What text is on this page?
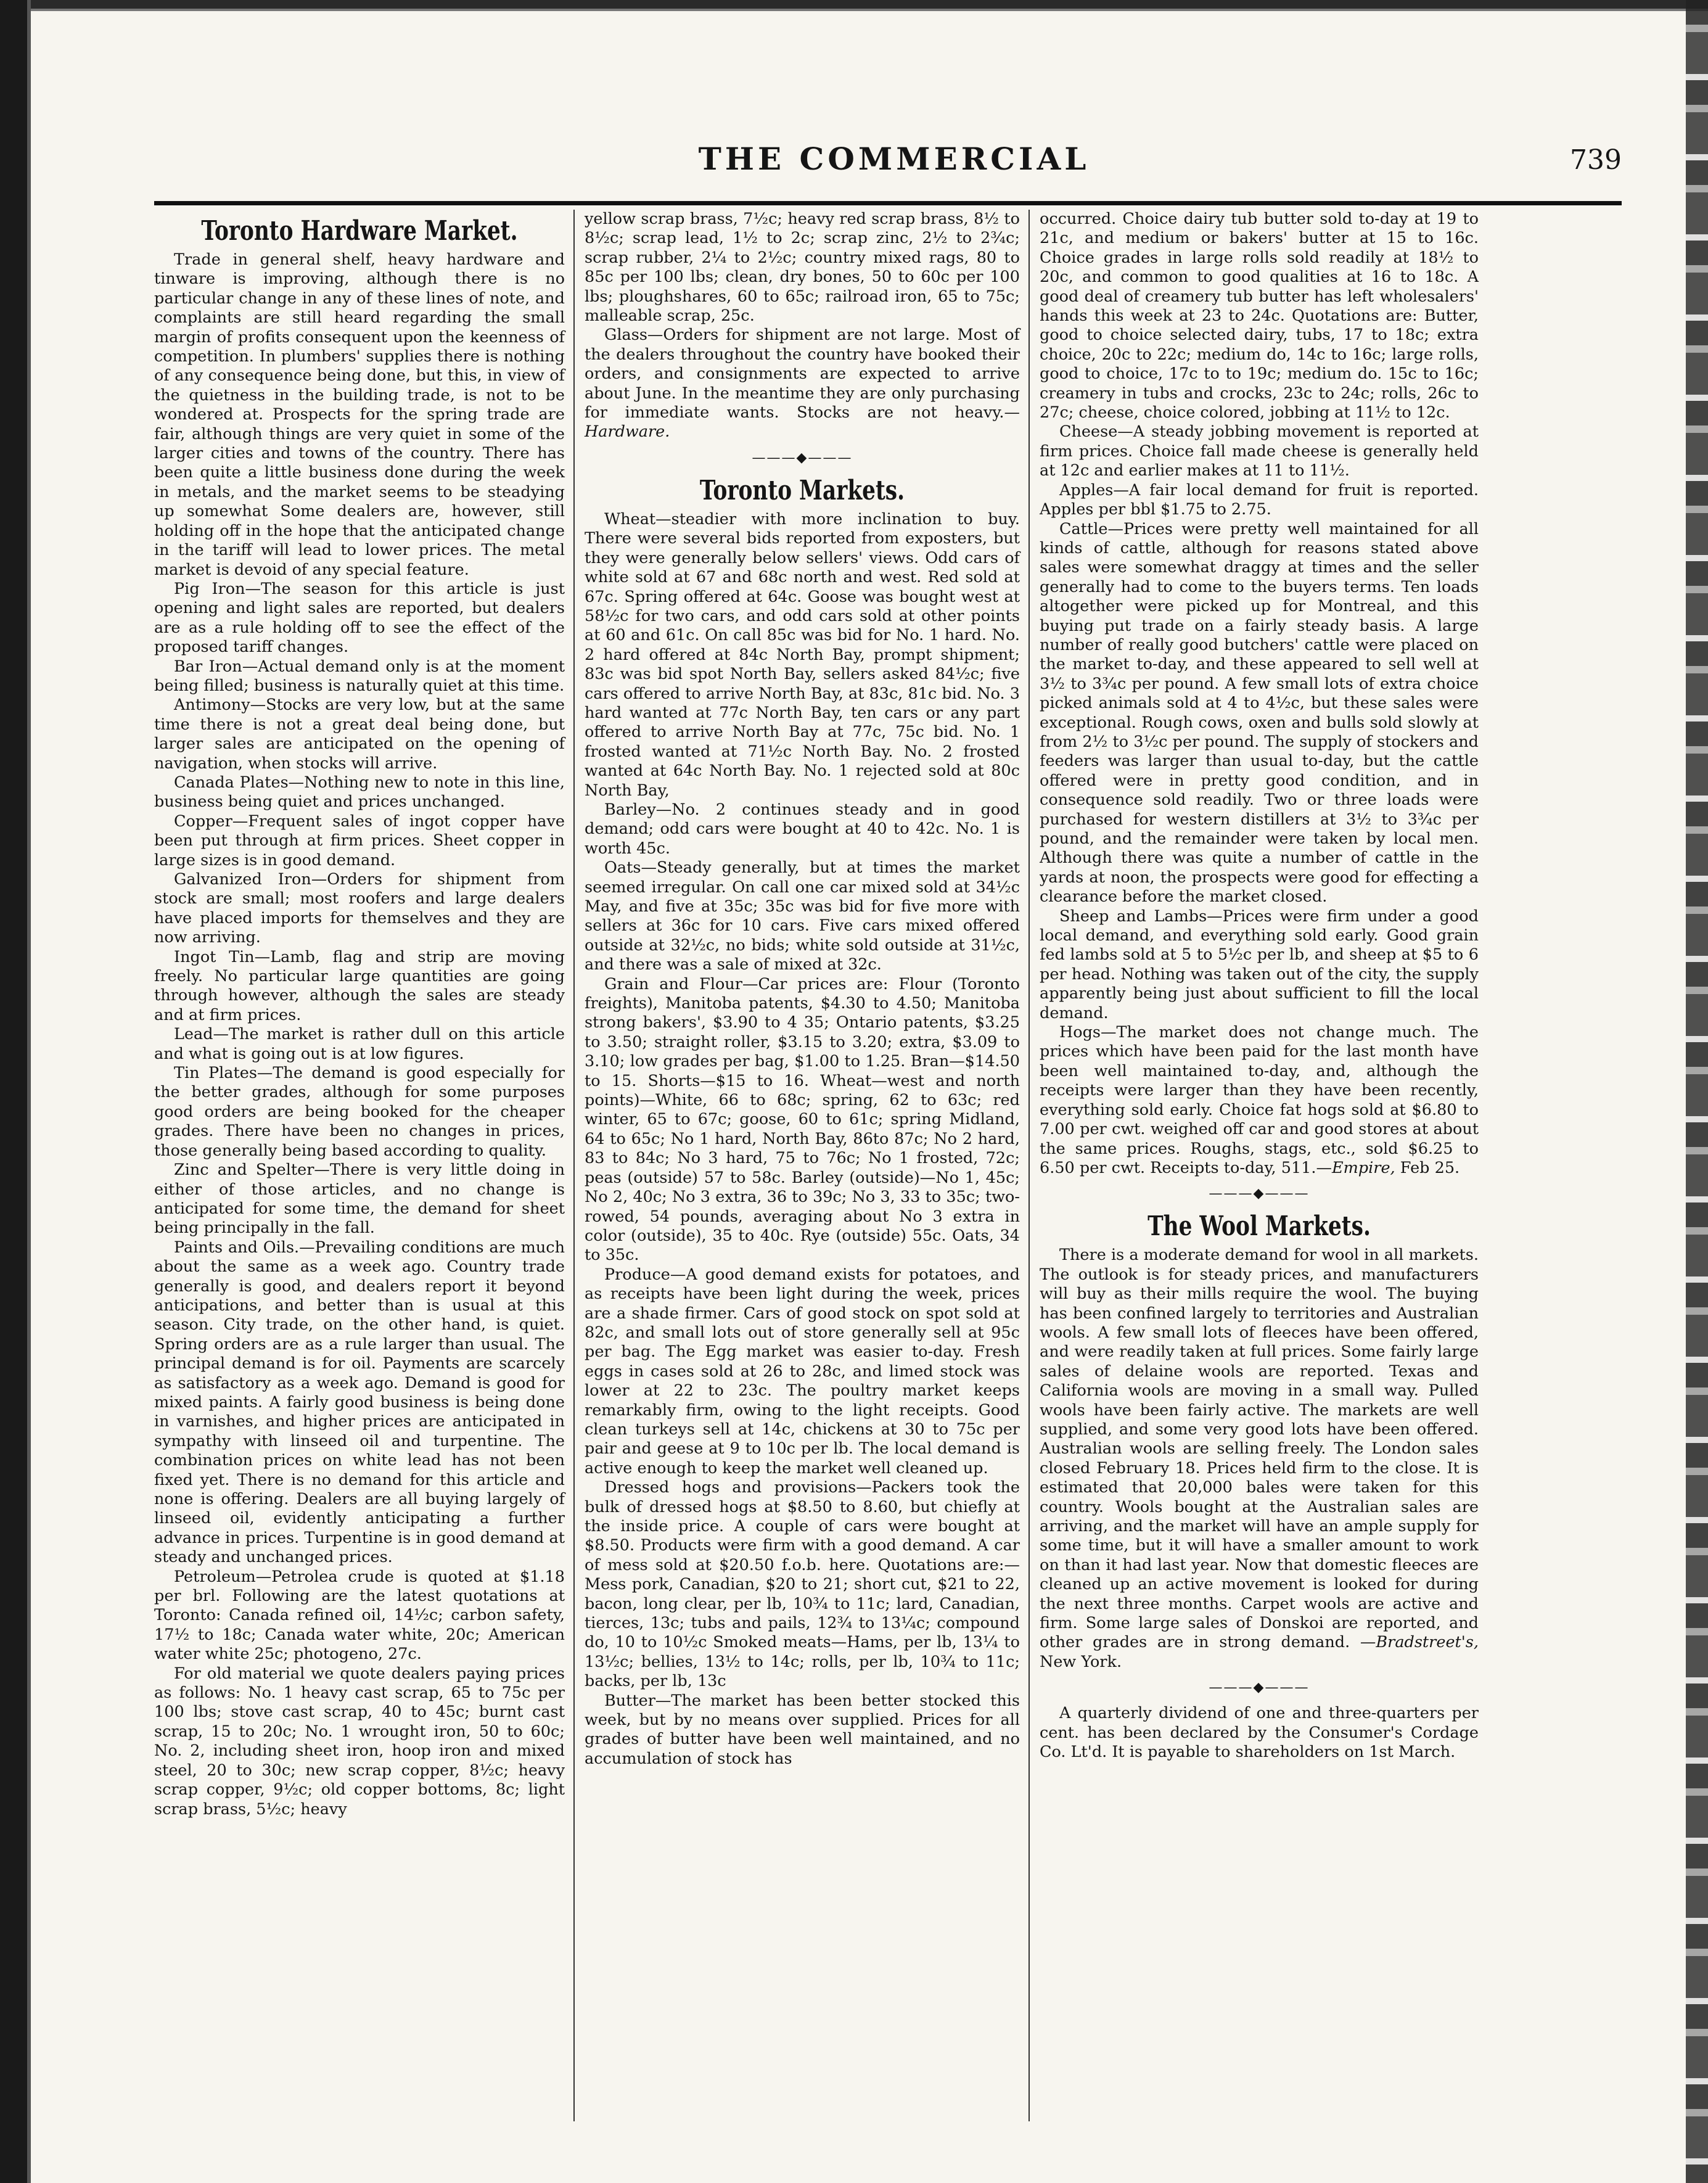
THE COMMERCIAL	739
Toronto Hardware Market.

Trade in general shelf, heavy hardware and tinware is improving, although there is no particular change in any of these lines of note, and complaints are still heard regarding the small margin of profits consequent upon the keenness of competition. In plumbers' supplies there is nothing of any consequence being done, but this, in view of the quietness in the building trade, is not to be wondered at. Prospects for the spring trade are fair, although things are very quiet in some of the larger cities and towns of the country. There has been quite a little business done during the week in metals, and the market seems to be steadying up somewhat Some dealers are, however, still holding off in the hope that the anticipated change in the tariff will lead to lower prices. The metal market is devoid of any special feature.

Pig Iron—The season for this article is just opening and light sales are reported, but dealers are as a rule holding off to see the effect of the proposed tariff changes.

Bar Iron—Actual demand only is at the moment being filled; business is naturally quiet at this time.

Antimony—Stocks are very low, but at the same time there is not a great deal being done, but larger sales are anticipated on the opening of navigation, when stocks will arrive.

Canada Plates—Nothing new to note in this line, business being quiet and prices unchanged.

Copper—Frequent sales of ingot copper have been put through at firm prices. Sheet copper in large sizes is in good demand.

Galvanized Iron—Orders for shipment from stock are small; most roofers and large dealers have placed imports for themselves and they are now arriving.

Ingot Tin—Lamb, flag and strip are moving freely. No particular large quantities are going through however, although the sales are steady and at firm prices.

Lead—The market is rather dull on this article and what is going out is at low figures.

Tin Plates—The demand is good especially for the better grades, although for some purposes good orders are being booked for the cheaper grades. There have been no changes in prices, those generally being based according to quality.

Zinc and Spelter—There is very little doing in either of those articles, and no change is anticipated for some time, the demand for sheet being principally in the fall.

Paints and Oils.—Prevailing conditions are much about the same as a week ago. Country trade generally is good, and dealers report it beyond anticipations, and better than is usual at this season. City trade, on the other hand, is quiet. Spring orders are as a rule larger than usual. The principal demand is for oil. Payments are scarcely as satisfactory as a week ago. Demand is good for mixed paints. A fairly good business is being done in varnishes, and higher prices are anticipated in sympathy with linseed oil and turpentine. The combination prices on white lead has not been fixed yet. There is no demand for this article and none is offering. Dealers are all buying largely of linseed oil, evidently anticipating a further advance in prices. Turpentine is in good demand at steady and unchanged prices.

Petroleum—Petrolea crude is quoted at $1.18 per brl. Following are the latest quotations at Toronto: Canada refined oil, 14½c; carbon safety, 17½ to 18c; Canada water white, 20c; American water white 25c; photogeno, 27c.

For old material we quote dealers paying prices as follows: No. 1 heavy cast scrap, 65 to 75c per 100 lbs; stove cast scrap, 40 to 45c; burnt cast scrap, 15 to 20c; No. 1 wrought iron, 50 to 60c; No. 2, including sheet iron, hoop iron and mixed steel, 20 to 30c; new scrap copper, 8½c; heavy scrap copper, 9½c; old copper bottoms, 8c; light scrap brass, 5½c; heavy

yellow scrap brass, 7½c; heavy red scrap brass, 8½ to 8½c; scrap lead, 1½ to 2c; scrap zinc, 2½ to 2¾c; scrap rubber, 2¼ to 2½c; country mixed rags, 80 to 85c per 100 lbs; clean, dry bones, 50 to 60c per 100 lbs; ploughshares, 60 to 65c; railroad iron, 65 to 75c; malleable scrap, 25c.

Glass—Orders for shipment are not large. Most of the dealers throughout the country have booked their orders, and consignments are expected to arrive about June. In the meantime they are only purchasing for immediate wants. Stocks are not heavy.— Hardware.

———◆———
Toronto Markets.

Wheat—steadier with more inclination to buy. There were several bids reported from exposters, but they were generally below sellers' views. Odd cars of white sold at 67 and 68c north and west. Red sold at 67c. Spring offered at 64c. Goose was bought west at 58½c for two cars, and odd cars sold at other points at 60 and 61c. On call 85c was bid for No. 1 hard. No. 2 hard offered at 84c North Bay, prompt shipment; 83c was bid spot North Bay, sellers asked 84½c; five cars offered to arrive North Bay, at 83c, 81c bid. No. 3 hard wanted at 77c North Bay, ten cars or any part offered to arrive North Bay at 77c, 75c bid. No. 1 frosted wanted at 71½c North Bay. No. 2 frosted wanted at 64c North Bay. No. 1 rejected sold at 80c North Bay,

Barley—No. 2 continues steady and in good demand; odd cars were bought at 40 to 42c. No. 1 is worth 45c.

Oats—Steady generally, but at times the market seemed irregular. On call one car mixed sold at 34½c May, and five at 35c; 35c was bid for five more with sellers at 36c for 10 cars. Five cars mixed offered outside at 32½c, no bids; white sold outside at 31½c, and there was a sale of mixed at 32c.

Grain and Flour—Car prices are: Flour (Toronto freights), Manitoba patents, $4.30 to 4.50; Manitoba strong bakers', $3.90 to 4 35; Ontario patents, $3.25 to 3.50; straight roller, $3.15 to 3.20; extra, $3.09 to 3.10; low grades per bag, $1.00 to 1.25. Bran—$14.50 to 15. Shorts—$15 to 16. Wheat—west and north points)—White, 66 to 68c; spring, 62 to 63c; red winter, 65 to 67c; goose, 60 to 61c; spring Midland, 64 to 65c; No 1 hard, North Bay, 86to 87c; No 2 hard, 83 to 84c; No 3 hard, 75 to 76c; No 1 frosted, 72c; peas (outside) 57 to 58c. Barley (outside)—No 1, 45c; No 2, 40c; No 3 extra, 36 to 39c; No 3, 33 to 35c; two-rowed, 54 pounds, averaging about No 3 extra in color (outside), 35 to 40c. Rye (outside) 55c. Oats, 34 to 35c.

Produce—A good demand exists for potatoes, and as receipts have been light during the week, prices are a shade firmer. Cars of good stock on spot sold at 82c, and small lots out of store generally sell at 95c per bag. The Egg market was easier to-day. Fresh eggs in cases sold at 26 to 28c, and limed stock was lower at 22 to 23c. The poultry market keeps remarkably firm, owing to the light receipts. Good clean turkeys sell at 14c, chickens at 30 to 75c per pair and geese at 9 to 10c per lb. The local demand is active enough to keep the market well cleaned up.

Dressed hogs and provisions—Packers took the bulk of dressed hogs at $8.50 to 8.60, but chiefly at the inside price. A couple of cars were bought at $8.50. Products were firm with a good demand. A car of mess sold at $20.50 f.o.b. here. Quotations are:—Mess pork, Canadian, $20 to 21; short cut, $21 to 22, bacon, long clear, per lb, 10¾ to 11c; lard, Canadian, tierces, 13c; tubs and pails, 12¾ to 13¼c; compound do, 10 to 10½c Smoked meats—Hams, per lb, 13¼ to 13½c; bellies, 13½ to 14c; rolls, per lb, 10¾ to 11c; backs, per lb, 13c

Butter—The market has been better stocked this week, but by no means over supplied. Prices for all grades of butter have been well maintained, and no accumulation of stock has

occurred. Choice dairy tub butter sold to-day at 19 to 21c, and medium or bakers' butter at 15 to 16c. Choice grades in large rolls sold readily at 18½ to 20c, and common to good qualities at 16 to 18c. A good deal of creamery tub butter has left wholesalers' hands this week at 23 to 24c. Quotations are: Butter, good to choice selected dairy, tubs, 17 to 18c; extra choice, 20c to 22c; medium do, 14c to 16c; large rolls, good to choice, 17c to to 19c; medium do. 15c to 16c; creamery in tubs and crocks, 23c to 24c; rolls, 26c to 27c; cheese, choice colored, jobbing at 11½ to 12c.

Cheese—A steady jobbing movement is reported at firm prices. Choice fall made cheese is generally held at 12c and earlier makes at 11 to 11½.

Apples—A fair local demand for fruit is reported. Apples per bbl $1.75 to 2.75.

Cattle—Prices were pretty well maintained for all kinds of cattle, although for reasons stated above sales were somewhat draggy at times and the seller generally had to come to the buyers terms. Ten loads altogether were picked up for Montreal, and this buying put trade on a fairly steady basis. A large number of really good butchers' cattle were placed on the market to-day, and these appeared to sell well at 3½ to 3¾c per pound. A few small lots of extra choice picked animals sold at 4 to 4½c, but these sales were exceptional. Rough cows, oxen and bulls sold slowly at from 2½ to 3½c per pound. The supply of stockers and feeders was larger than usual to-day, but the cattle offered were in pretty good condition, and in consequence sold readily. Two or three loads were purchased for western distillers at 3½ to 3¾c per pound, and the remainder were taken by local men. Although there was quite a number of cattle in the yards at noon, the prospects were good for effecting a clearance before the market closed.

Sheep and Lambs—Prices were firm under a good local demand, and everything sold early. Good grain fed lambs sold at 5 to 5½c per lb, and sheep at $5 to 6 per head. Nothing was taken out of the city, the supply apparently being just about sufficient to fill the local demand.

Hogs—The market does not change much. The prices which have been paid for the last month have been well maintained to-day, and, although the receipts were larger than they have been recently, everything sold early. Choice fat hogs sold at $6.80 to 7.00 per cwt. weighed off car and good stores at about the same prices. Roughs, stags, etc., sold $6.25 to 6.50 per cwt. Receipts to-day, 511.—Empire, Feb 25.

———◆———
The Wool Markets.

There is a moderate demand for wool in all markets. The outlook is for steady prices, and manufacturers will buy as their mills require the wool. The buying has been confined largely to territories and Australian wools. A few small lots of fleeces have been offered, and were readily taken at full prices. Some fairly large sales of delaine wools are reported. Texas and California wools are moving in a small way. Pulled wools have been fairly active. The markets are well supplied, and some very good lots have been offered. Australian wools are selling freely. The London sales closed February 18. Prices held firm to the close. It is estimated that 20,000 bales were taken for this country. Wools bought at the Australian sales are arriving, and the market will have an ample supply for some time, but it will have a smaller amount to work on than it had last year. Now that domestic fleeces are cleaned up an active movement is looked for during the next three months. Carpet wools are active and firm. Some large sales of Donskoi are reported, and other grades are in strong demand. —Bradstreet's, New York.

———◆———

A quarterly dividend of one and three-quarters per cent. has been declared by the Consumer's Cordage Co. Lt'd. It is payable to shareholders on 1st March.
